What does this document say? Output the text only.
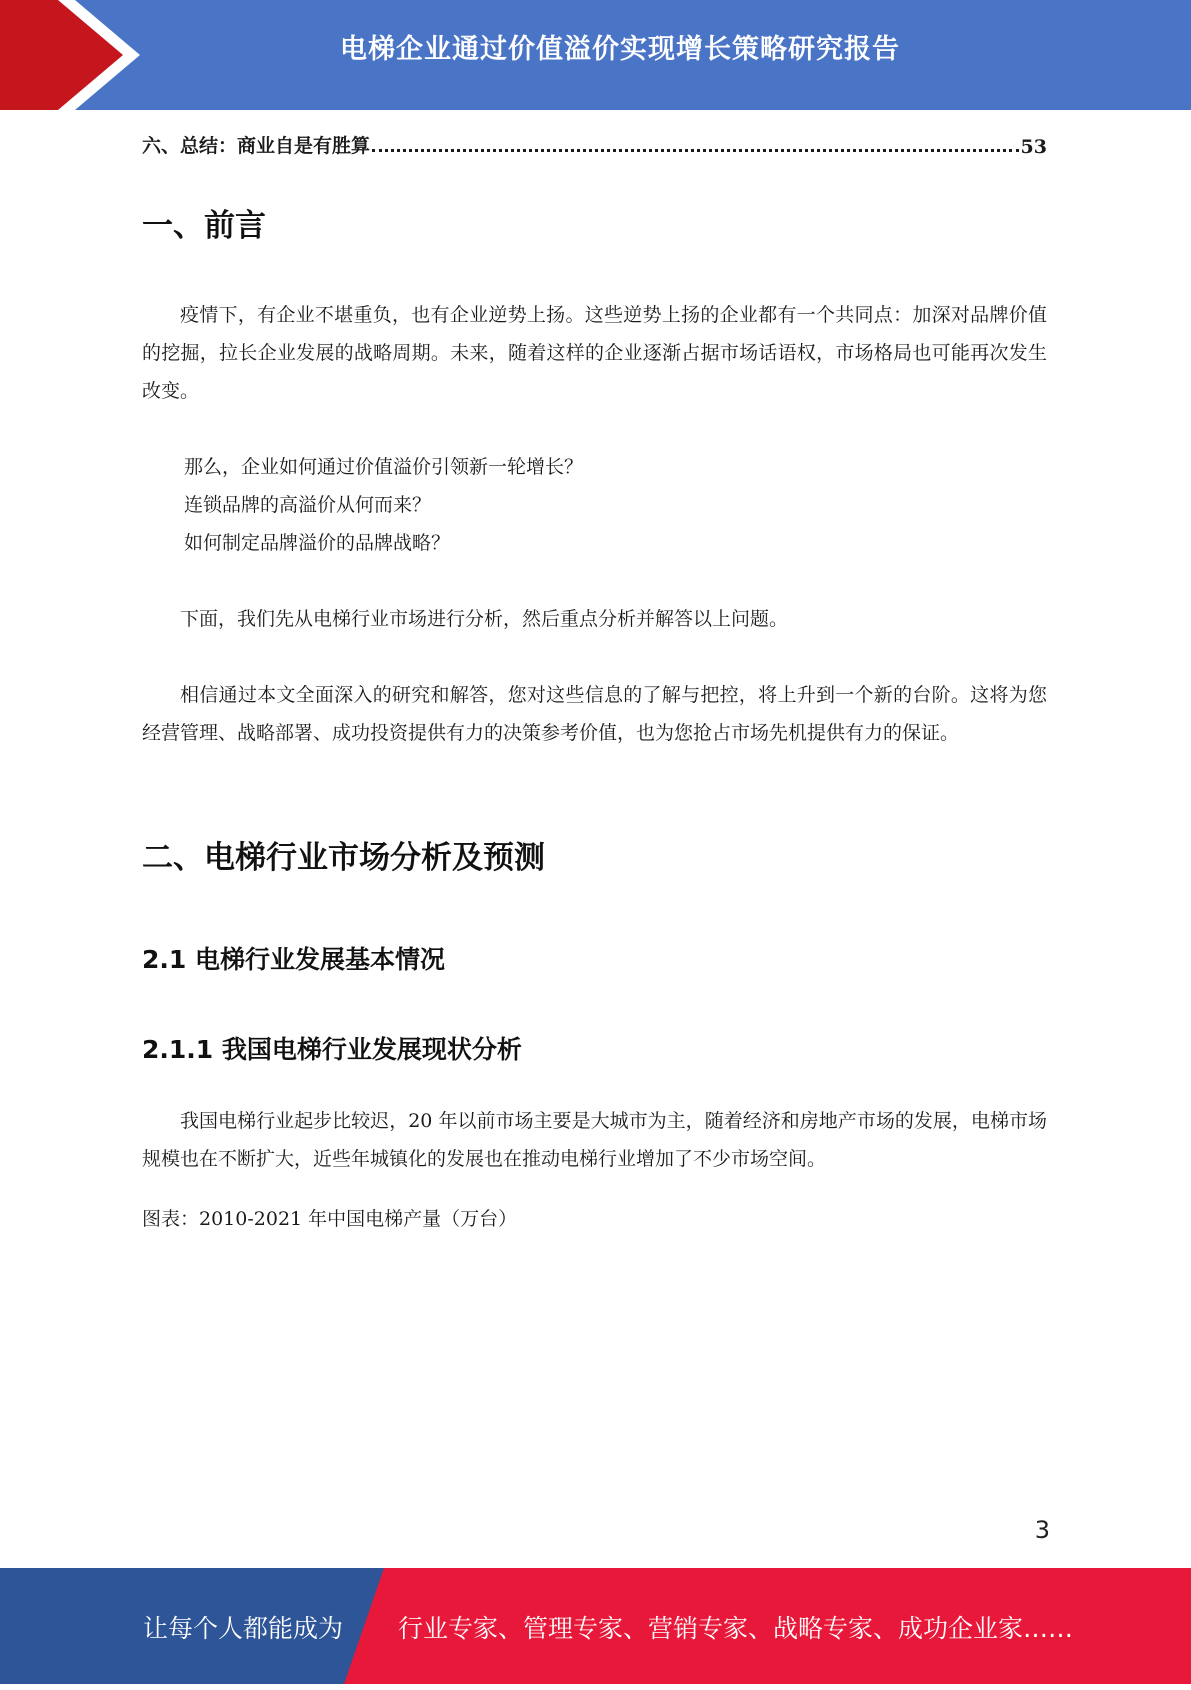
电梯企业通过价值溢价实现增长策略研究报告
六、总结：商业自是有胜算	53
一、前言

疫情下，有企业不堪重负，也有企业逆势上扬。这些逆势上扬的企业都有一个共同点：加深对品牌价值的挖掘，拉长企业发展的战略周期。未来，随着这样的企业逐渐占据市场话语权，市场格局也可能再次发生改变。

那么，企业如何通过价值溢价引领新一轮增长？
连锁品牌的高溢价从何而来？
如何制定品牌溢价的品牌战略？

下面，我们先从电梯行业市场进行分析，然后重点分析并解答以上问题。

相信通过本文全面深入的研究和解答，您对这些信息的了解与把控，将上升到一个新的台阶。这将为您经营管理、战略部署、成功投资提供有力的决策参考价值，也为您抢占市场先机提供有力的保证。

二、电梯行业市场分析及预测
2.1 电梯行业发展基本情况
2.1.1 我国电梯行业发展现状分析

我国电梯行业起步比较迟，20 年以前市场主要是大城市为主，随着经济和房地产市场的发展，电梯市场规模也在不断扩大，近些年城镇化的发展也在推动电梯行业增加了不少市场空间。

图表：2010-2021 年中国电梯产量（万台）
3
让每个人都能成为 行业专家、管理专家、营销专家、战略专家、成功企业家……
